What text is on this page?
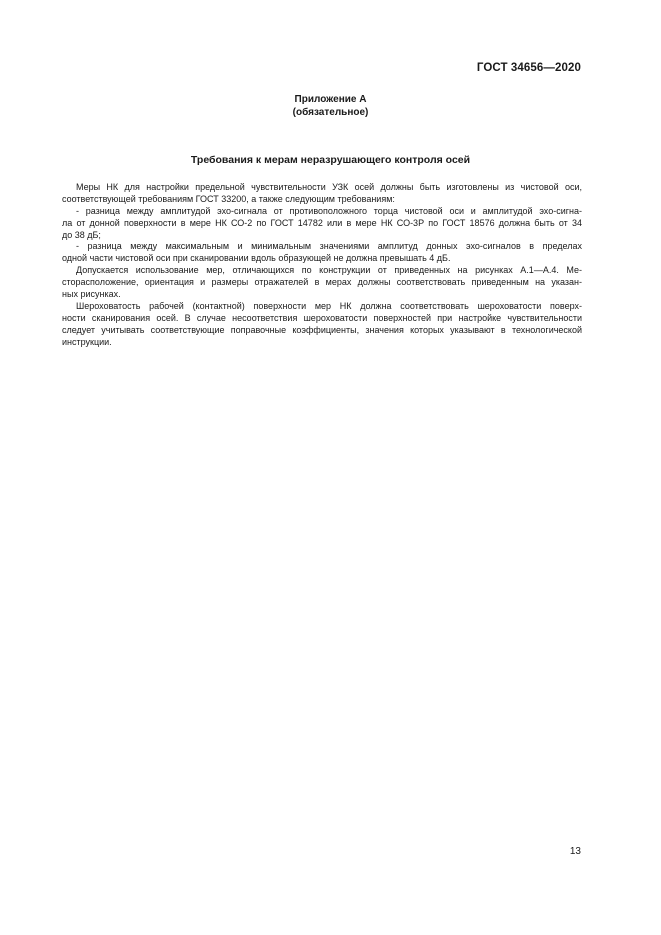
ГОСТ 34656—2020
Приложение А
(обязательное)
Требования к мерам неразрушающего контроля осей
Меры НК для настройки предельной чувствительности УЗК осей должны быть изготовлены из чистовой оси,
соответствующей требованиям ГОСТ 33200, а также следующим требованиям:
- разница между амплитудой эхо-сигнала от противоположного торца чистовой оси и амплитудой эхо-сигна-
ла от донной поверхности в мере НК СО-2 по ГОСТ 14782 или в мере НК СО-3Р по ГОСТ 18576 должна быть от 34
до 38 дБ;
- разница между максимальным и минимальным значениями амплитуд донных эхо-сигналов в пределах
одной части чистовой оси при сканировании вдоль образующей не должна превышать 4 дБ.
Допускается использование мер, отличающихся по конструкции от приведенных на рисунках А.1—А.4. Ме-
сторасположение, ориентация и размеры отражателей в мерах должны соответствовать приведенным на указан-
ных рисунках.
Шероховатость рабочей (контактной) поверхности мер НК должна соответствовать шероховатости поверх-
ности сканирования осей. В случае несоответствия шероховатости поверхностей при настройке чувствительности
следует учитывать соответствующие поправочные коэффициенты, значения которых указывают в технологической
инструкции.
13
